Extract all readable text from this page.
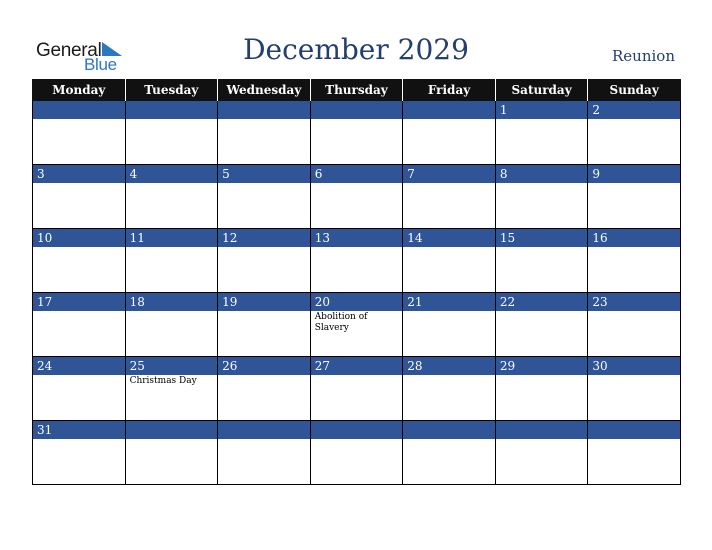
General
Blue	December 2029	Reunion
Monday	Tuesday	Wednesday	Thursday	Friday	Saturday	Sunday

					1	2

3	4	5	6	7	8	9

10	11	12	13	14	15	16

17	18	19	20	21	22	23

			Abolition of Slavery			

24	25	26	27	28	29	30

	Christmas Day					

31						
